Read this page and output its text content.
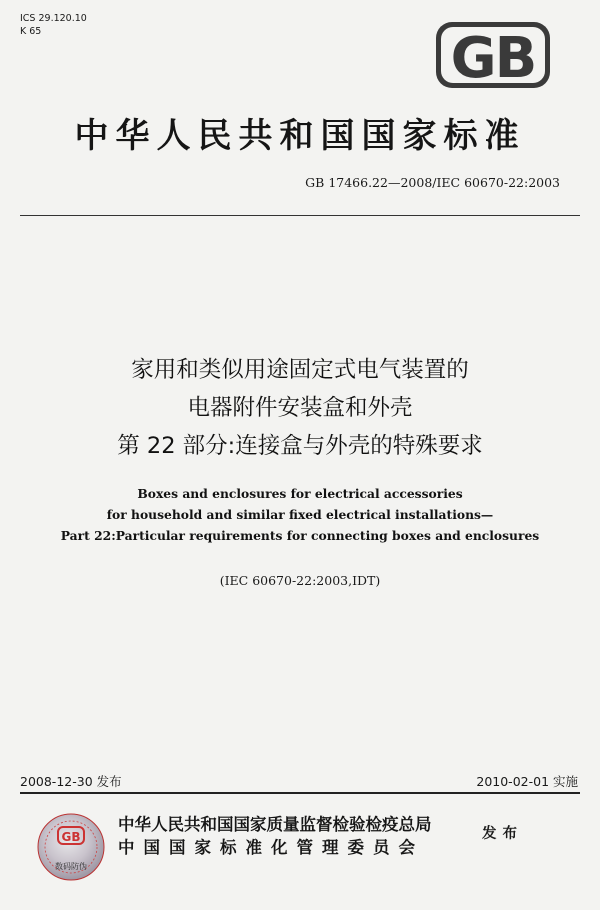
ICS 29.120.10
K 65	GB
中华人民共和国国家标准
GB 17466.22—2008/IEC 60670-22:2003
家用和类似用途固定式电气装置的
电器附件安装盒和外壳
第 22 部分:连接盒与外壳的特殊要求
Boxes and enclosures for electrical accessories
for household and similar fixed electrical installations—
Part 22:Particular requirements for connecting boxes and enclosures
(IEC 60670-22:2003,IDT)
2008-12-30 发布	2010-02-01 实施
GB
数码防伪
中华人民共和国国家质量监督检验检疫总局
中国国家标准化管理委员会
发布
